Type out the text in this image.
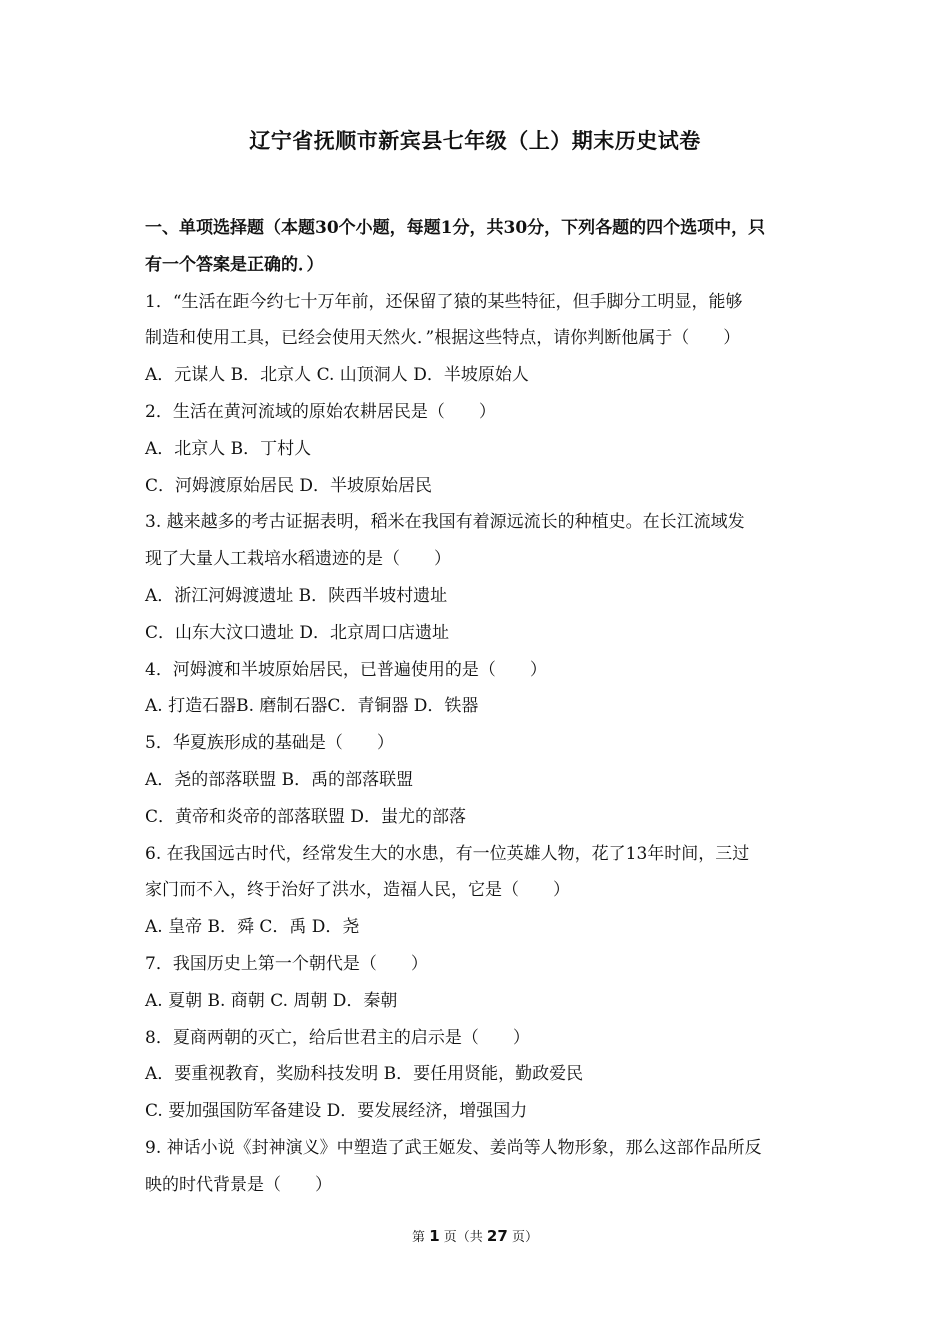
辽宁省抚顺市新宾县七年级（上）期末历史试卷
一、单项选择题（本题30个小题，每题1分，共30分，下列各题的四个选项中，只
有一个答案是正确的．）
1．“生活在距今约七十万年前，还保留了猿的某些特征，但手脚分工明显，能够
制造和使用工具，已经会使用天然火．”根据这些特点，请你判断他属于（　　）
A．元谋人 B．北京人 C. 山顶洞人 D．半坡原始人
2．生活在黄河流域的原始农耕居民是（　　）
A．北京人 B．丁村人
C．河姆渡原始居民 D．半坡原始居民
3. 越来越多的考古证据表明，稻米在我国有着源远流长的种植史。在长江流域发
现了大量人工栽培水稻遗迹的是（　　）
A．浙江河姆渡遗址 B．陕西半坡村遗址
C．山东大汶口遗址 D．北京周口店遗址
4．河姆渡和半坡原始居民，已普遍使用的是（　　）
A. 打造石器B. 磨制石器C．青铜器 D．铁器
5．华夏族形成的基础是（　　）
A．尧的部落联盟 B．禹的部落联盟
C．黄帝和炎帝的部落联盟 D．蚩尤的部落
6. 在我国远古时代，经常发生大的水患，有一位英雄人物，花了13年时间，三过
家门而不入，终于治好了洪水，造福人民，它是（　　）
A. 皇帝 B．舜 C．禹 D．尧
7．我国历史上第一个朝代是（　　）
A. 夏朝 B. 商朝 C. 周朝 D．秦朝
8．夏商两朝的灭亡，给后世君主的启示是（　　）
A．要重视教育，奖励科技发明 B．要任用贤能，勤政爱民
C. 要加强国防军备建设 D．要发展经济，增强国力
9. 神话小说《封神演义》中塑造了武王姬发、姜尚等人物形象，那么这部作品所反
映的时代背景是（　　）
第 1 页（共 27 页）
